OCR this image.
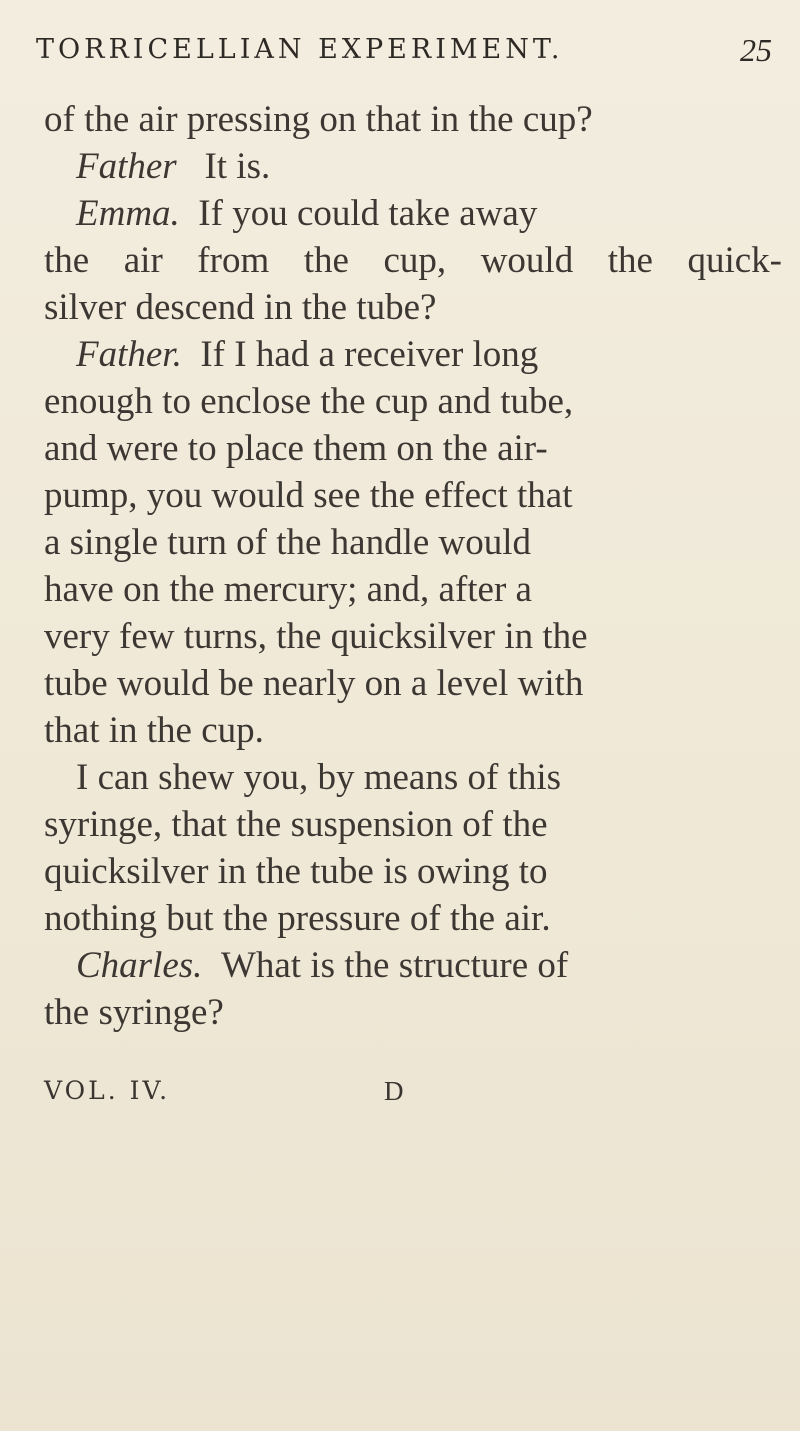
TORRICELLIAN EXPERIMENT.	25
of the air pressing on that in the cup?
Father It is.
Emma. If you could take away
the air from the cup, would the quick-
silver descend in the tube?
Father. If I had a receiver long
enough to enclose the cup and tube,
and were to place them on the air-
pump, you would see the effect that
a single turn of the handle would
have on the mercury; and, after a
very few turns, the quicksilver in the
tube would be nearly on a level with
that in the cup.
I can shew you, by means of this
syringe, that the suspension of the
quicksilver in the tube is owing to
nothing but the pressure of the air.
Charles. What is the structure of
the syringe?
VOL. IV.	D
